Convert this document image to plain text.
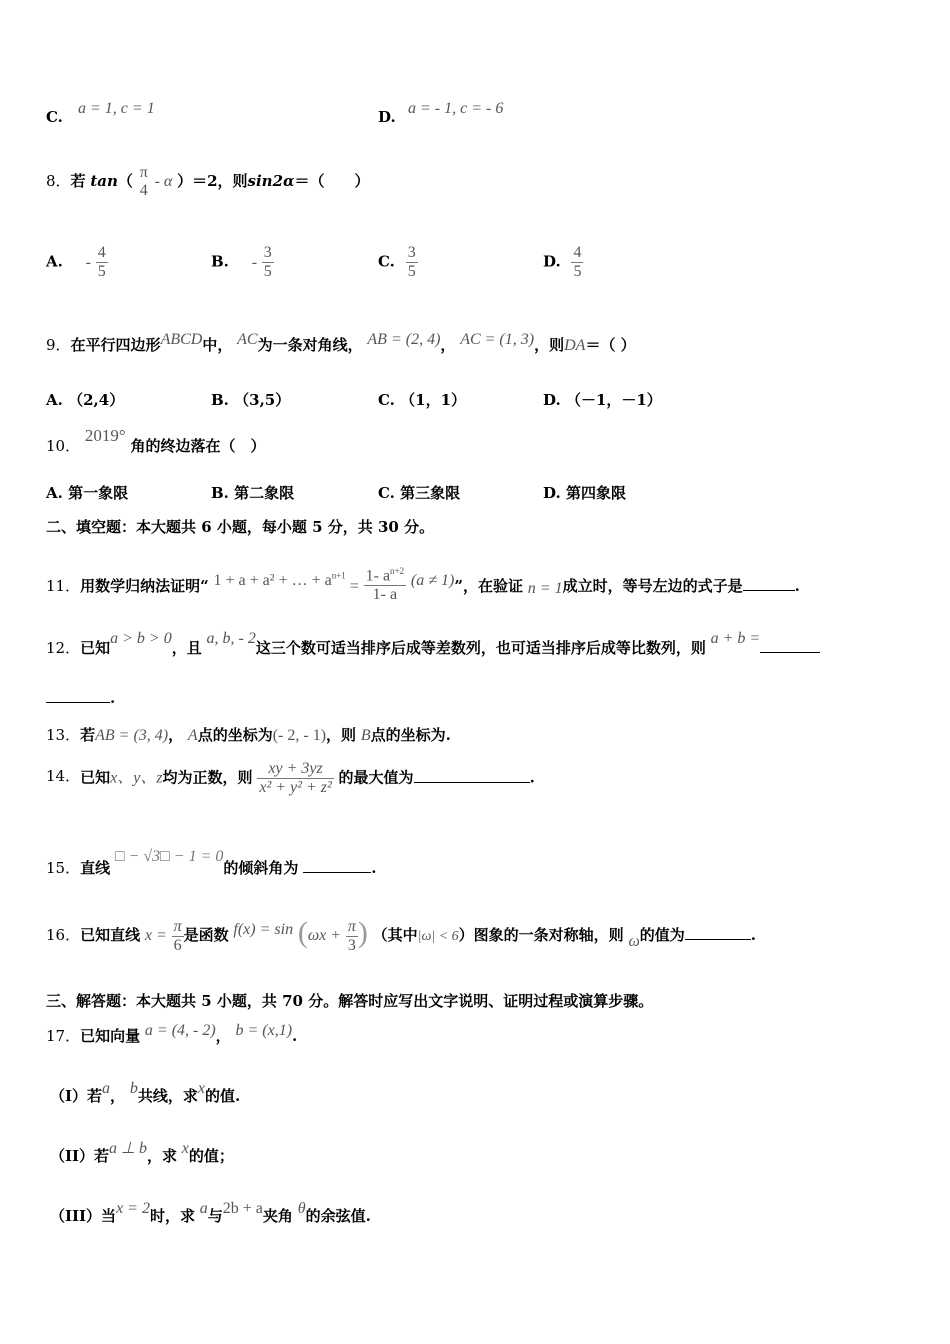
C. a = 1, c = 1	D. a = - 1, c = - 6
8．若 tan（ π
4
- α ）＝2，则sin2α＝（　　）
A. - $\frac{4}{5}$	B. - $\frac{3}{5}$	C. $\frac{3}{5}$	D. $\frac{4}{5}$
9．在平行四边形ABCD中， AC为一条对角线， AB = (2, 4)， AC = (1, 3)，则DA＝（ ）
A. （2,4）	B. （3,5）	C. （1，1）	D. （－1，－1）
10． 2019° 角的终边落在（　）
A. 第一象限	B. 第二象限	C. 第三象限	D. 第四象限
二、填空题：本大题共 6 小题，每小题 5 分，共 30 分。
11．用数学归纳法证明“ 1 + a + a² + … + $a^{n+1} = \frac{1- a^{n+2}}{1- a} (a \ne 1)$”，在验证 n = 1成立时，等号左边的式子是	.
12．已知a > b > 0，且 a, b, - 2这三个数可适当排序后成等差数列，也可适当排序后成等比数列，则 a + b =
.
13．若AB = (3, 4)， A点的坐标为(- 2, - 1)，则 B点的坐标为.
14．已知x、y、z均为正数，则 $\frac{xy + 3yz}{\text{x² + y² + z²}}$ 的最大值为	.
15．直线 □ − √3□ − 1 = 0的倾斜角为	.
16．已知直线 $x = \frac{\pi}{6}$ 是函数 $f(x) = \sin (\omega x + \frac{\pi}{3}$ ) （其中|ω| < 6）图象的一条对称轴，则 ω的值为	.
三、解答题：本大题共 5 小题，共 70 分。解答时应写出文字说明、证明过程或演算步骤。
17．已知向量 a = (4, - 2)， b = (x,1).
（I）若a， b共线，求x的值.
（II）若a ⊥ b，求 x的值；
（III）当x = 2时，求 a与2b + a夹角 θ的余弦值.
